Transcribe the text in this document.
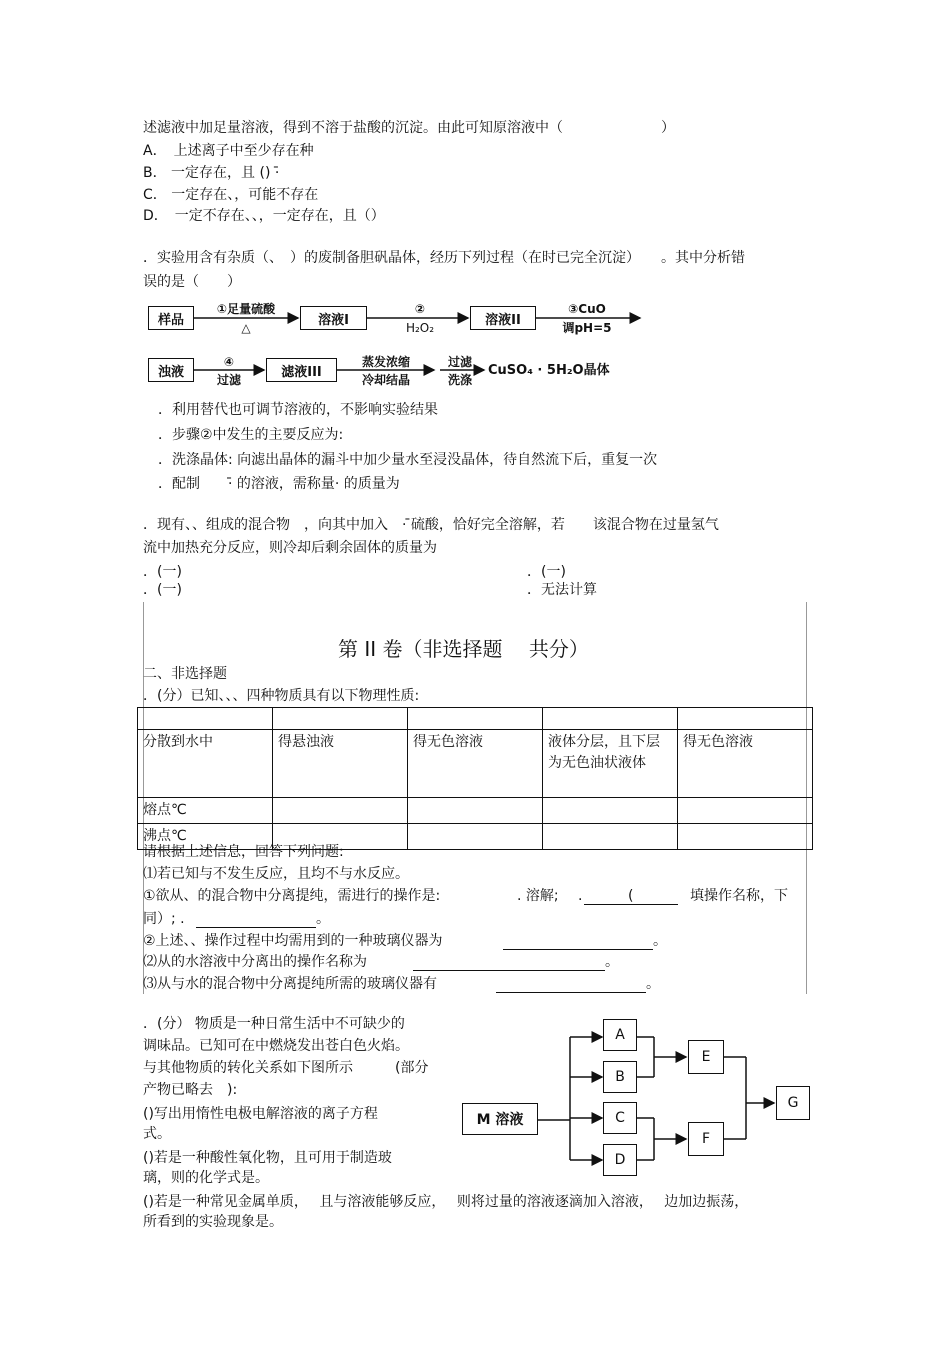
述滤液中加足量溶液，得到不溶于盐酸的沉淀。由此可知原溶液中（　　　　　　　）
A．　上述离子中至少存在种
B． 一定存在，且 () ·̄
C． 一定存在、，可能不存在
D．　一定不存在、、，一定存在，且（）
．实验用含有杂质（、　）的废制备胆矾晶体，经历下列过程（在时已完全沉淀）　　。其中分析错
误的是（　　）
样品
①足量硫酸
△
溶液I
②
H₂O₂
溶液II
③CuO
调pH=5
浊液
④
过滤
滤液III
蒸发浓缩
冷却结晶
过滤
洗涤
CuSO₄ · 5H₂O晶体
．利用替代也可调节溶液的，不影响实验结果
．步骤②中发生的主要反应为:
．洗涤晶体: 向滤出晶体的漏斗中加少量水至浸没晶体，待自然流下后，重复一次
．配制　　·̄ 的溶液，需称量· 的质量为
．现有、、组成的混合物　，向其中加入　· ̄硫酸，恰好完全溶解，若　　该混合物在过量氢气
流中加热充分反应，则冷却后剩余固体的质量为
．(一)	．(一)
．(一)	．无法计算
第 II 卷（非选择题　 共分）
二、非选择题
．(分）已知、、、四种物质具有以下物理性质:

分散到水中	得悬浊液	得无色溶液	液体分层，且下层为无色油状液体	得无色溶液
熔点℃				
沸点℃				
请根据上述信息，回答下列问题:
⑴若已知与不发生反应，且均不与水反应。
①欲从、的混合物中分离提纯，需进行的操作是:	. 溶解; .	(	填操作名称，下
同）; .	。
②上述、、操作过程中均需用到的一种玻璃仪器为	。
⑵从的水溶液中分离出的操作名称为	。
⑶从与水的混合物中分离提纯所需的玻璃仪器有	。
．(分） 物质是一种日常生活中不可缺少的
调味品。已知可在中燃烧发出苍白色火焰。
与其他物质的转化关系如下图所示　　　(部分
产物已略去　):
()写出用惰性电极电解溶液的离子方程
式。
()若是一种酸性氧化物，且可用于制造玻
璃，则的化学式是。
()若是一种常见金属单质，　 且与溶液能够反应，　 则将过量的溶液逐滴加入溶液，　 边加边振荡，
所看到的实验现象是。
M 溶液
A
B
C
D
E
F
G
